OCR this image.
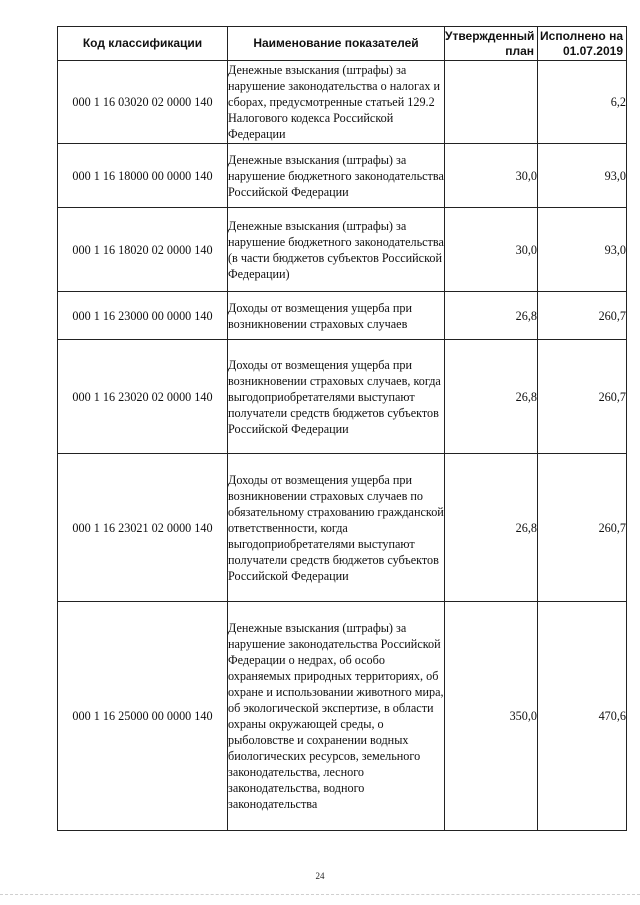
Код классификации	Наименование показателей	Утвержденный план	Исполнено на 01.07.2019
000 1 16 03020 02 0000 140	Денежные взыскания (штрафы) за нарушение законодательства о налогах и сборах, предусмотренные статьей 129.2 Налогового кодекса Российской Федерации		6,2
000 1 16 18000 00 0000 140	Денежные взыскания (штрафы) за нарушение бюджетного законодательства Российской Федерации	30,0	93,0
000 1 16 18020 02 0000 140	Денежные взыскания (штрафы) за нарушение бюджетного законодательства (в части бюджетов субъектов Российской Федерации)	30,0	93,0
000 1 16 23000 00 0000 140	Доходы от возмещения ущерба при возникновении страховых случаев	26,8	260,7
000 1 16 23020 02 0000 140	Доходы от возмещения ущерба при возникновении страховых случаев, когда выгодоприобретателями выступают получатели средств бюджетов субъектов Российской Федерации	26,8	260,7
000 1 16 23021 02 0000 140	Доходы от возмещения ущерба при возникновении страховых случаев по обязательному страхованию гражданской ответственности, когда выгодоприобретателями выступают получатели средств бюджетов субъектов Российской Федерации	26,8	260,7
000 1 16 25000 00 0000 140	Денежные взыскания (штрафы) за нарушение законодательства Российской Федерации о недрах, об особо охраняемых природных территориях, об охране и использовании животного мира, об экологической экспертизе, в области охраны окружающей среды, о рыболовстве и сохранении водных биологических ресурсов, земельного законодательства, лесного законодательства, водного законодательства	350,0	470,6
24
